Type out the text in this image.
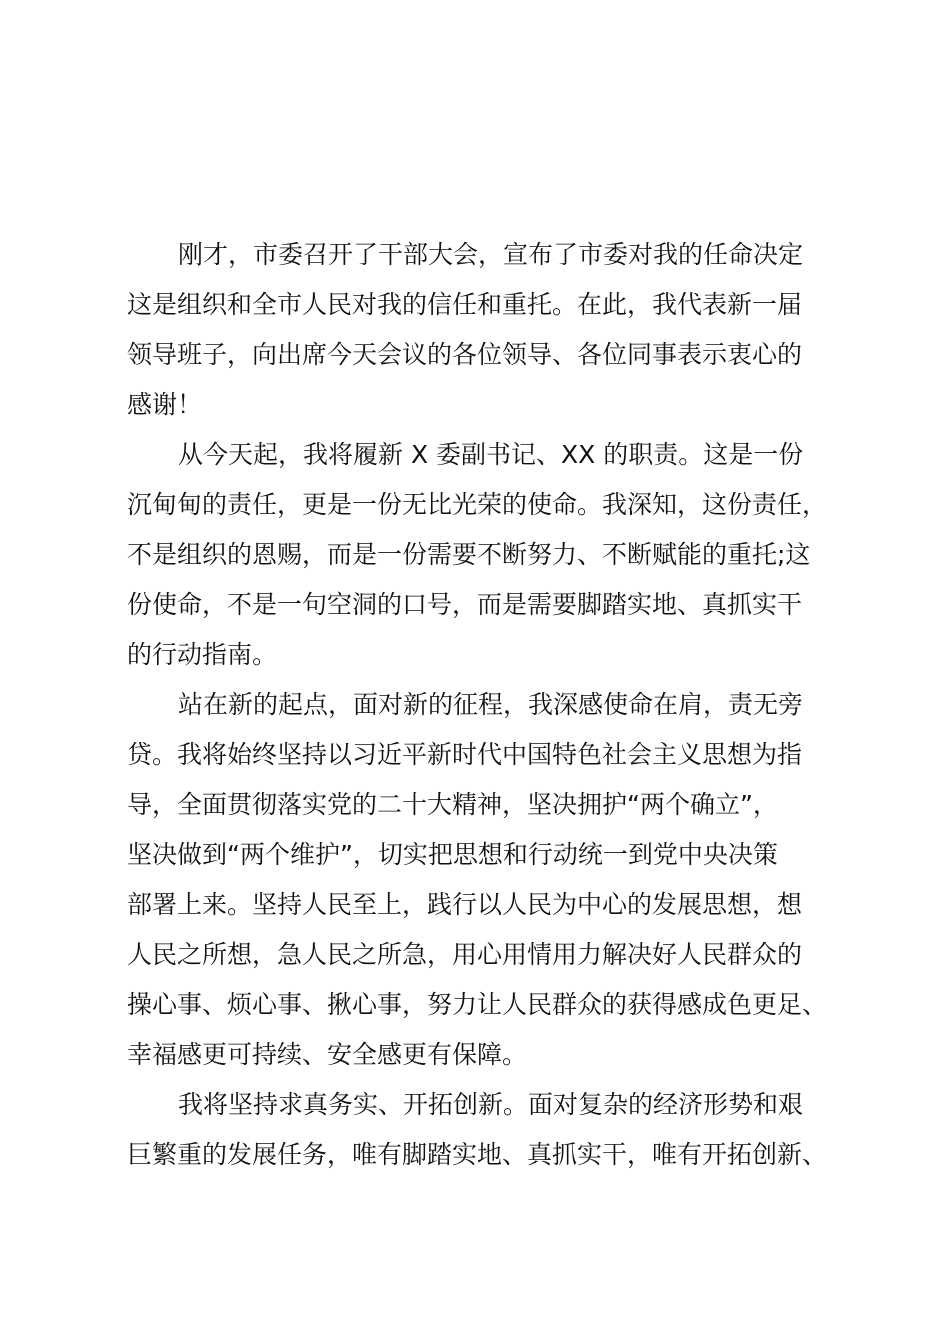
刚才，市委召开了干部大会，宣布了市委对我的任命决定
这是组织和全市人民对我的信任和重托。在此，我代表新一届
领导班子，向出席今天会议的各位领导、各位同事表示衷心的
感谢！
从今天起，我将履新 X 委副书记、XX 的职责。这是一份
沉甸甸的责任，更是一份无比光荣的使命。我深知，这份责任，
不是组织的恩赐，而是一份需要不断努力、不断赋能的重托;这
份使命，不是一句空洞的口号，而是需要脚踏实地、真抓实干
的行动指南。
站在新的起点，面对新的征程，我深感使命在肩，责无旁
贷。我将始终坚持以习近平新时代中国特色社会主义思想为指
导，全面贯彻落实党的二十大精神，坚决拥护“两个确立”，
坚决做到“两个维护”，切实把思想和行动统一到党中央决策
部署上来。坚持人民至上，践行以人民为中心的发展思想，想
人民之所想，急人民之所急，用心用情用力解决好人民群众的
操心事、烦心事、揪心事，努力让人民群众的获得感成色更足、
幸福感更可持续、安全感更有保障。
我将坚持求真务实、开拓创新。面对复杂的经济形势和艰
巨繁重的发展任务，唯有脚踏实地、真抓实干，唯有开拓创新、
